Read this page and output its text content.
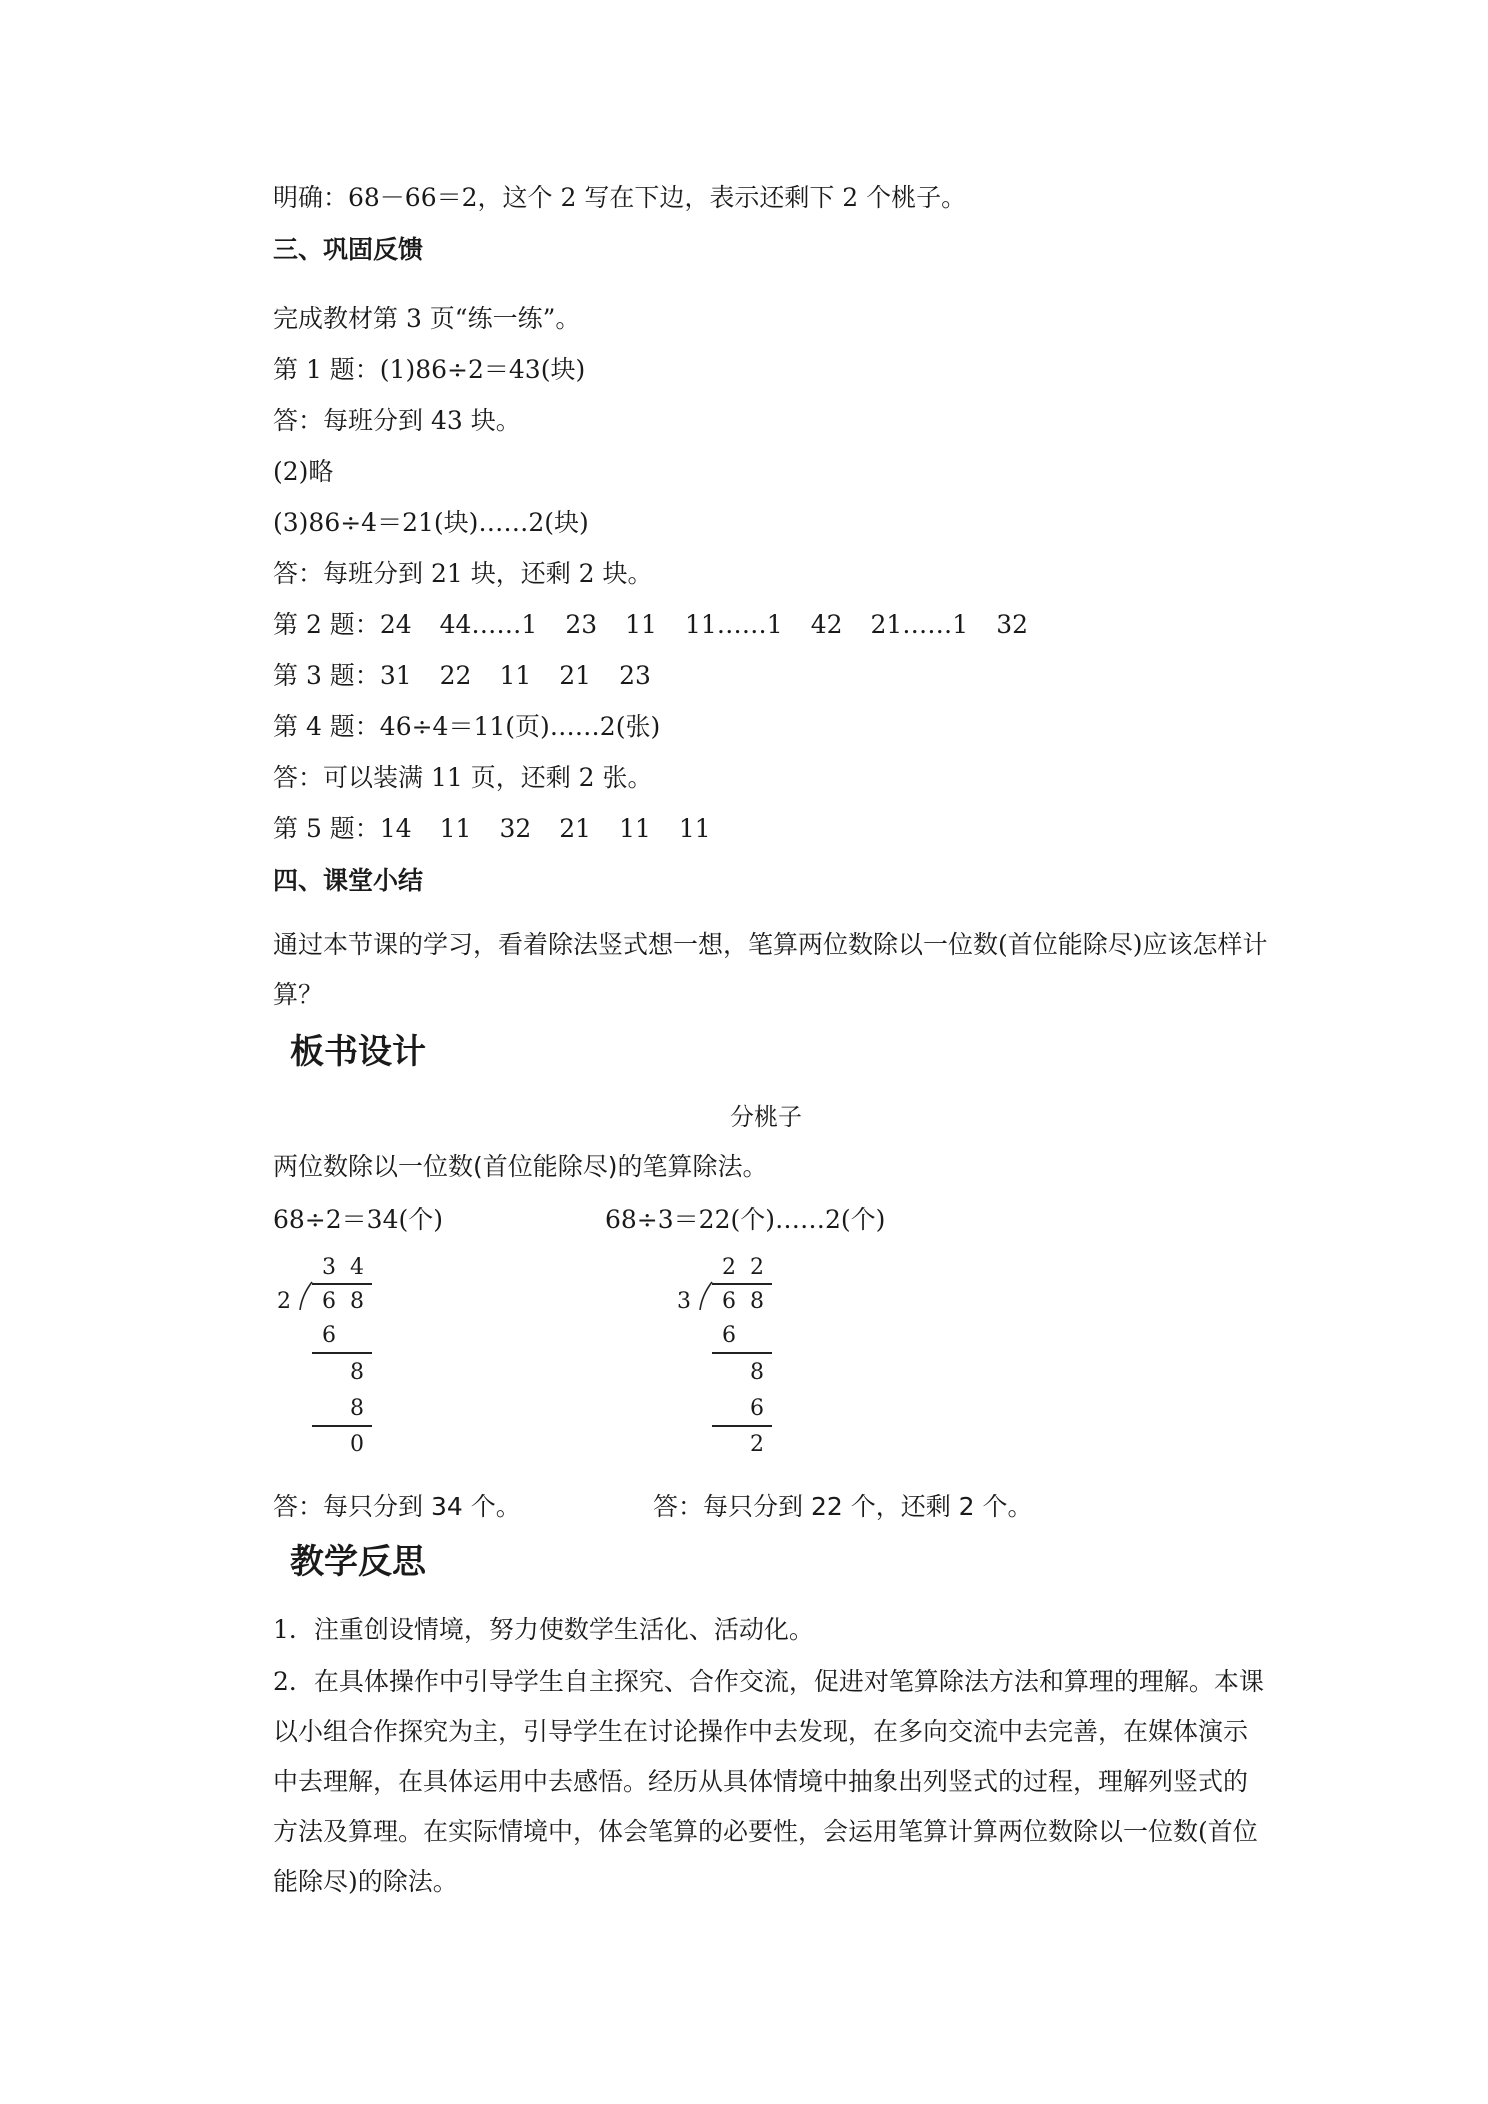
明确：68－66＝2，这个 2 写在下边，表示还剩下 2 个桃子。
三、巩固反馈
完成教材第 3 页“练一练”。
第 1 题：(1)86÷2＝43(块)
答：每班分到 43 块。
(2)略
(3)86÷4＝21(块)……2(块)
答：每班分到 21 块，还剩 2 块。
第 2 题：24 44……1 23 11 11……1 42 21……1 32
第 3 题：31 22 11 21 23
第 4 题：46÷4＝11(页)……2(张)
答：可以装满 11 页，还剩 2 张。
第 5 题：14 11 32 21 11 11
四、课堂小结
通过本节课的学习，看着除法竖式想一想，笔算两位数除以一位数(首位能除尽)应该怎样计算？
板书设计
分桃子
两位数除以一位数(首位能除尽)的笔算除法。
68÷2＝34(个)	68÷3＝22(个)……2(个)
3 4
2 6 8
6
8
8
0
2 2
3 6 8
6
8
6
2
答：每只分到 34 个。	答：每只分到 22 个，还剩 2 个。
教学反思
1．注重创设情境，努力使数学生活化、活动化。
2．在具体操作中引导学生自主探究、合作交流，促进对笔算除法方法和算理的理解。本课以小组合作探究为主，引导学生在讨论操作中去发现，在多向交流中去完善，在媒体演示中去理解，在具体运用中去感悟。经历从具体情境中抽象出列竖式的过程，理解列竖式的方法及算理。在实际情境中，体会笔算的必要性，会运用笔算计算两位数除以一位数(首位能除尽)的除法。
